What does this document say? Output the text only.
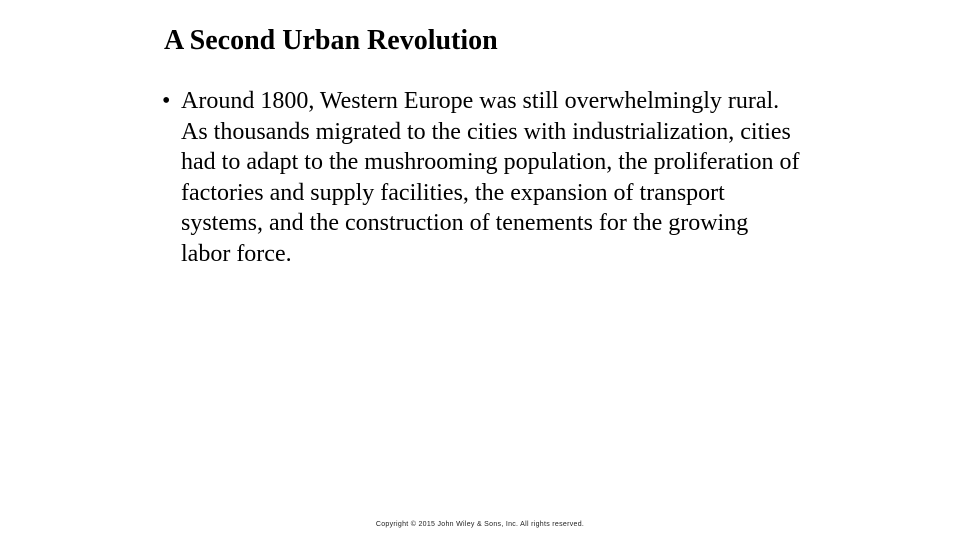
A Second Urban Revolution
• Around 1800, Western Europe was still overwhelmingly rural. As thousands migrated to the cities with industrialization, cities had to adapt to the mushrooming population, the proliferation of factories and supply facilities, the expansion of transport systems, and the construction of tenements for the growing labor force.
Copyright © 2015 John Wiley & Sons, Inc. All rights reserved.
